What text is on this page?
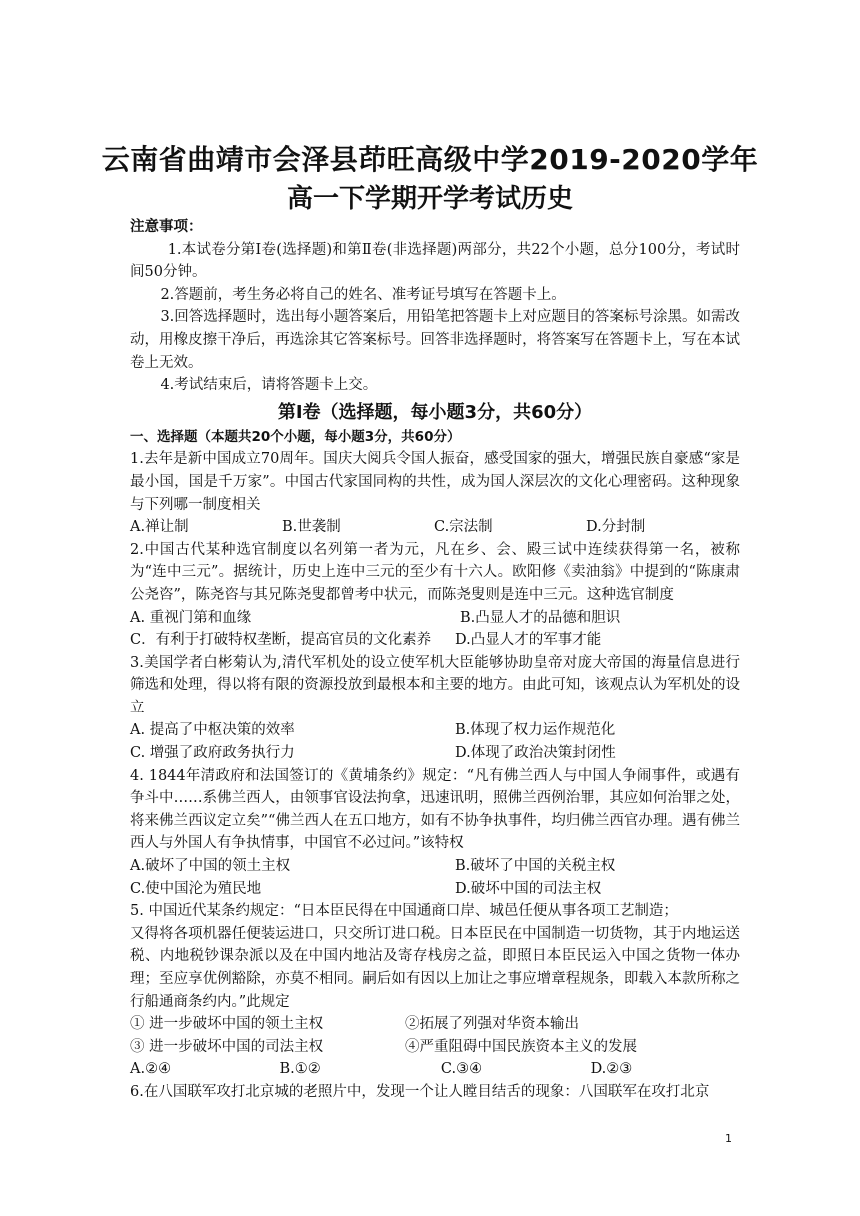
云南省曲靖市会泽县茚旺高级中学2019-2020学年
高一下学期开学考试历史
注意事项：

1.本试卷分第Ⅰ卷(选择题)和第Ⅱ卷(非选择题)两部分，共22个小题，总分100分，考试时间50分钟。

2.答题前，考生务必将自己的姓名、准考证号填写在答题卡上。

3.回答选择题时，选出每小题答案后，用铅笔把答题卡上对应题目的答案标号涂黑。如需改动，用橡皮擦干净后，再选涂其它答案标号。回答非选择题时，将答案写在答题卡上，写在本试卷上无效。

4.考试结束后，请将答题卡上交。

第Ⅰ卷（选择题，每小题3分，共60分）
一、选择题（本题共20个小题，每小题3分，共60分）

1.去年是新中国成立70周年。国庆大阅兵令国人振奋，感受国家的强大，增强民族自豪感“家是最小国，国是千万家”。中国古代家国同构的共性，成为国人深层次的文化心理密码。这种现象与下列哪一制度相关

A.禅让制	B.世袭制	C.宗法制	D.分封制

2.中国古代某种选官制度以名列第一者为元，凡在乡、会、殿三试中连续获得第一名，被称为“连中三元”。据统计，历史上连中三元的至少有十六人。欧阳修《卖油翁》中提到的“陈康肃公尧咨”，陈尧咨与其兄陈尧叟都曾考中状元，而陈尧叟则是连中三元。这种选官制度

A. 重视门第和血缘	B.凸显人才的品德和胆识
C．有利于打破特权垄断，提高官员的文化素养	D.凸显人才的军事才能

3.美国学者白彬菊认为,清代军机处的设立使军机大臣能够协助皇帝对庞大帝国的海量信息进行筛选和处理，得以将有限的资源投放到最根本和主要的地方。由此可知，该观点认为军机处的设立

A. 提高了中枢决策的效率	B.体现了权力运作规范化
C. 增强了政府政务执行力	D.体现了政治决策封闭性

4. 1844年清政府和法国签订的《黄埔条约》规定：“凡有佛兰西人与中国人争闹事件，或遇有争斗中……系佛兰西人，由领事官设法拘拿，迅速讯明，照佛兰西例治罪，其应如何治罪之处，将来佛兰西议定立矣”“佛兰西人在五口地方，如有不协争执事件，均归佛兰西官办理。遇有佛兰西人与外国人有争执情事，中国官不必过问。”该特权

A.破坏了中国的领土主权	B.破坏了中国的关税主权
C.使中国沦为殖民地	D.破坏中国的司法主权

5. 中国近代某条约规定：“日本臣民得在中国通商口岸、城邑任便从事各项工艺制造；

又得将各项机器任便装运进口，只交所订进口税。日本臣民在中国制造一切货物，其于内地运送税、内地税钞课杂派以及在中国内地沾及寄存栈房之益，即照日本臣民运入中国之货物一体办理；至应享优例豁除，亦莫不相同。嗣后如有因以上加让之事应增章程规条，即载入本款所称之行船通商条约内。”此规定

① 进一步破坏中国的领土主权	②拓展了列强对华资本输出
③ 进一步破坏中国的司法主权	④严重阻碍中国民族资本主义的发展
A.②④	B.①②	C.③④	D.②③

6.在八国联军攻打北京城的老照片中，发现一个让人瞠目结舌的现象：八国联军在攻打北京

1
